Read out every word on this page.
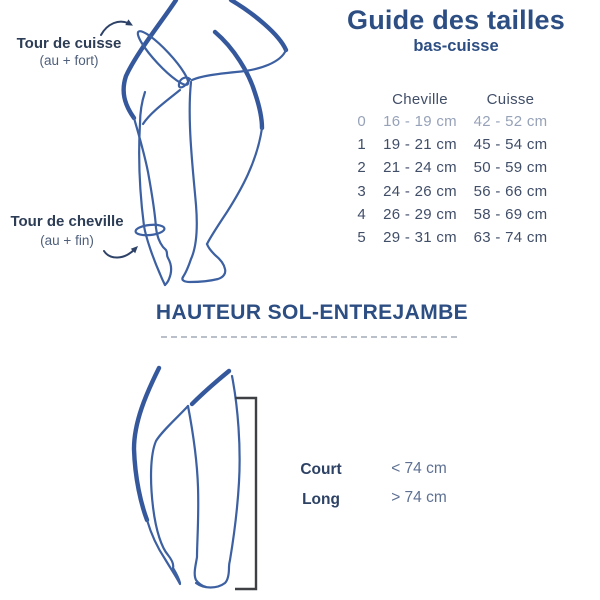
Tour de cuisse
(au + fort)
Tour de cheville
(au + fin)
Guide des tailles
bas-cuisse
Cheville	Cuisse
0	16 - 19 cm	42 - 52 cm
1	19 - 21 cm	45 - 54 cm
2	21 - 24 cm	50 - 59 cm
3	24 - 26 cm	56 - 66 cm
4	26 - 29 cm	58 - 69 cm
5	29 - 31 cm	63 - 74 cm
HAUTEUR SOL-ENTREJAMBE
Court	< 74 cm
Long	> 74 cm
